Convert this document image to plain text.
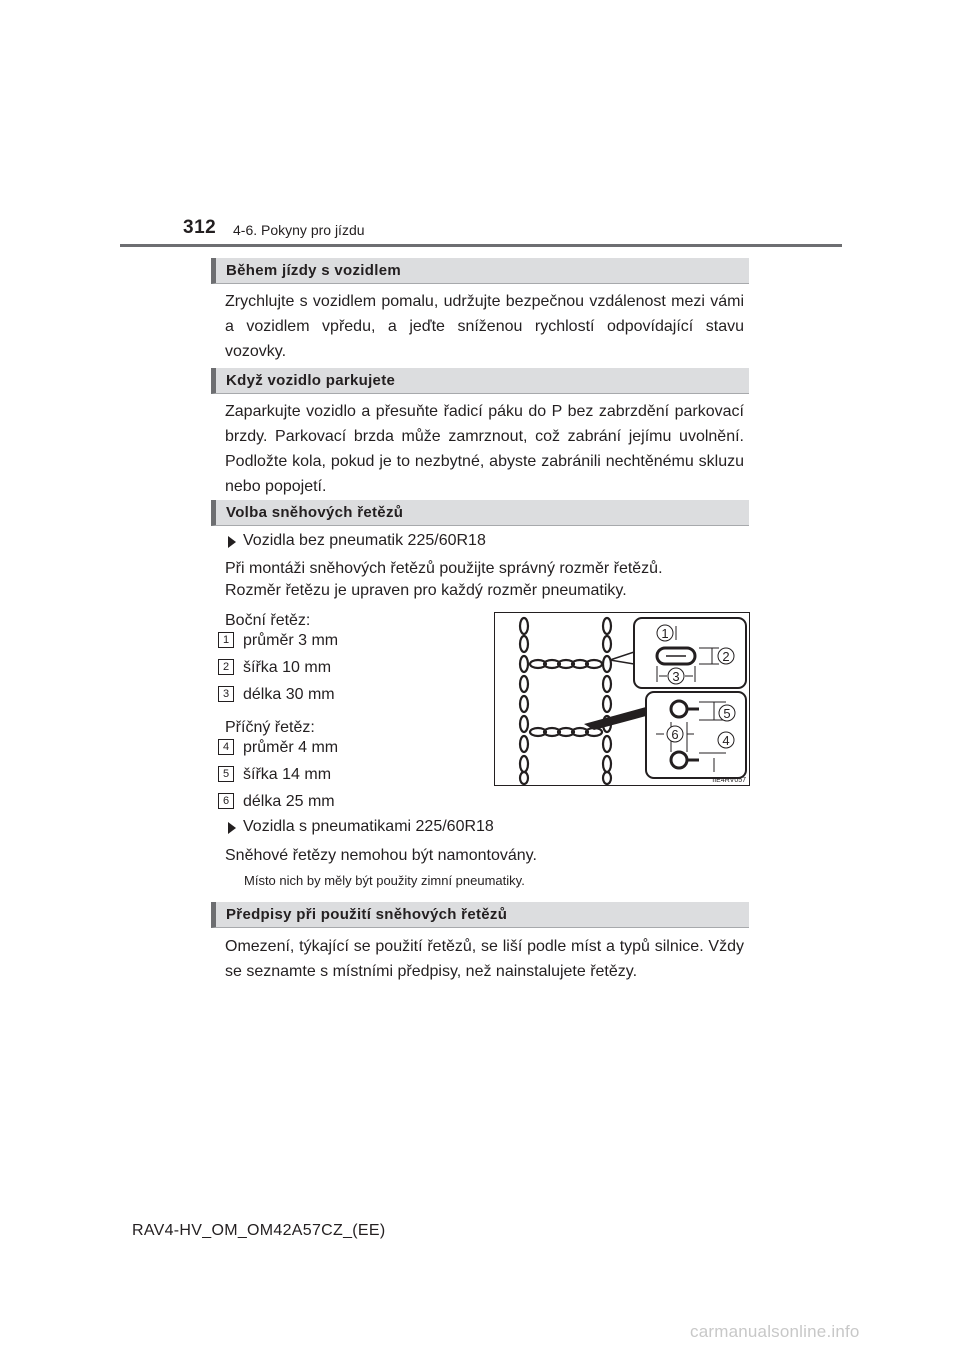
312 4-6. Pokyny pro jízdu
Během jízdy s vozidlem
Zrychlujte s vozidlem pomalu, udržujte bezpečnou vzdálenost mezi vámi a vozidlem vpředu, a jeďte sníženou rychlostí odpovídající stavu vozovky.
Když vozidlo parkujete
Zaparkujte vozidlo a přesuňte řadicí páku do P bez zabrzdění parkovací brzdy. Parkovací brzda může zamrznout, což zabrání jejímu uvolnění. Podložte kola, pokud je to nezbytné, abyste zabránili nechtěnému skluzu nebo popojetí.
Volba sněhových řetězů
Vozidla bez pneumatik 225/60R18
Při montáži sněhových řetězů použijte správný rozměr řetězů.
Rozměr řetězu je upraven pro každý rozměr pneumatiky.
Boční řetěz:
1 průměr 3 mm
2 šířka 10 mm
3 délka 30 mm
Příčný řetěz:
4 průměr 4 mm
5 šířka 14 mm
6 délka 25 mm
1
2
3
5
6	4
IIE4RV057
Vozidla s pneumatikami 225/60R18
Sněhové řetězy nemohou být namontovány.
Místo nich by měly být použity zimní pneumatiky.
Předpisy při použití sněhových řetězů
Omezení, týkající se použití řetězů, se liší podle míst a typů silnice. Vždy se seznamte s místními předpisy, než nainstalujete řetězy.
RAV4-HV_OM_OM42A57CZ_(EE)
carmanualsonline.info
